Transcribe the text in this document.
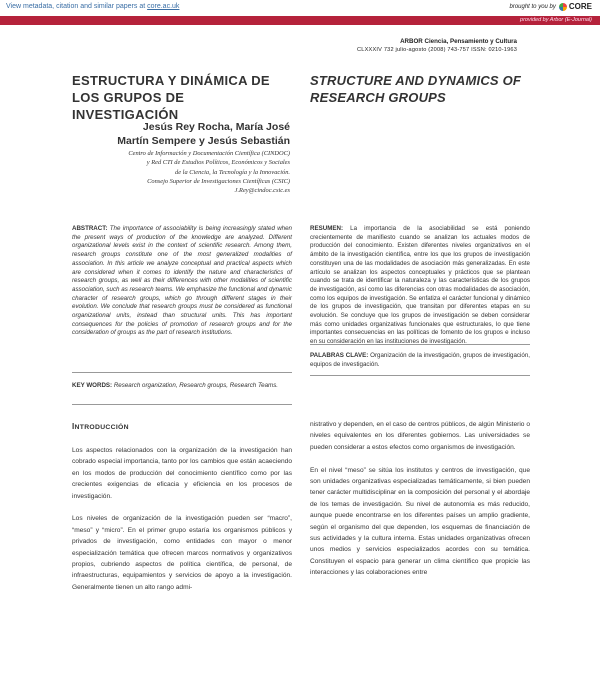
View metadata, citation and similar papers at core.ac.uk	brought to you by CORE
provided by Arbor (E-Journal)
ARBOR Ciencia, Pensamiento y Cultura
CLXXXIV 732 julio-agosto (2008) 743-757 ISSN: 0210-1963
ESTRUCTURA Y DINÁMICA DE LOS GRUPOS DE INVESTIGACIÓN
STRUCTURE AND DYNAMICS OF RESEARCH GROUPS
Jesús Rey Rocha, María José
Martín Sempere y Jesús Sebastián
Centro de Información y Documentación Científica (CINDOC)
y Red CTI de Estudios Políticos, Económicos y Sociales
de la Ciencia, la Tecnología y la Innovación.
Consejo Superior de Investigaciones Científicas (CSIC)
J.Rey@cindoc.csic.es
ABSTRACT: The importance of associability is being increasingly stated when the present ways of production of the knowledge are analyzed. Different organizational levels exist in the context of scientific research. Among them, research groups constitute one of the most generalized modalities of association. In this article we analyze conceptual and practical aspects which are considered when it comes to identify the nature and characteristics of research groups, as well as their differences with other modalities of scientific association, such as research teams. We emphasize the functional and dynamic character of research groups, which go through different stages in their evolution. We conclude that research groups must be considered as functional organizational units, instead than structural units. This has important consequences for the policies of promotion of research groups and for the consideration of groups as the part of research institutions.
RESUMEN: La importancia de la asociabilidad se está poniendo crecientemente de manifiesto cuando se analizan los actuales modos de producción del conocimiento. Existen diferentes niveles organizativos en el ámbito de la investigación científica, entre los que los grupos de investigación constituyen una de las modalidades de asociación más generalizadas. En este artículo se analizan los aspectos conceptuales y prácticos que se plantean cuando se trata de identificar la naturaleza y las características de los grupos de investigación, así como las diferencias con otras modalidades de asociación, como los equipos de investigación. Se enfatiza el carácter funcional y dinámico de los grupos de investigación, que transitan por diferentes etapas en su evolución. Se concluye que los grupos de investigación se deben considerar más como unidades organizativas funcionales que estructurales, lo que tiene importantes consecuencias en las políticas de fomento de los grupos e incluso en su consideración en las instituciones de investigación.
KEY WORDS: Research organization, Research groups, Research Teams.
PALABRAS CLAVE: Organización de la investigación, grupos de investigación, equipos de investigación.
INTRODUCCIÓN

Los aspectos relacionados con la organización de la investigación han cobrado especial importancia, tanto por los cambios que están acaeciendo en los modos de producción del conocimiento científico como por las crecientes exigencias de eficacia y eficiencia en los procesos de investigación.

Los niveles de organización de la investigación pueden ser “macro”, “meso” y “micro”. En el primer grupo estaría los organismos públicos y privados de investigación, como entidades con mayor o menor especialización temática que ofrecen marcos normativos y organizativos propios, cubriendo aspectos de política científica, de personal, de infraestructuras, equipamientos y servicios de apoyo a la investigación. Generalmente tienen un alto rango admi-

nistrativo y dependen, en el caso de centros públicos, de algún Ministerio o niveles equivalentes en los diferentes gobiernos. Las universidades se pueden considerar a estos efectos como organismos de investigación.

En el nivel “meso” se sitúa los institutos y centros de investigación, que son unidades organizativas especializadas temáticamente, si bien pueden tener carácter multidisciplinar en la composición del personal y el abordaje de los temas de investigación. Su nivel de autonomía es más reducido, aunque puede encontrarse en los diferentes países un amplio gradiente, según el organismo del que dependen, los esquemas de financiación de sus actividades y la cultura interna. Estas unidades organizativas ofrecen unos medios y servicios especializados acordes con su temática. Constituyen el espacio para generar un clima científico que propicie las interacciones y las colaboraciones entre
